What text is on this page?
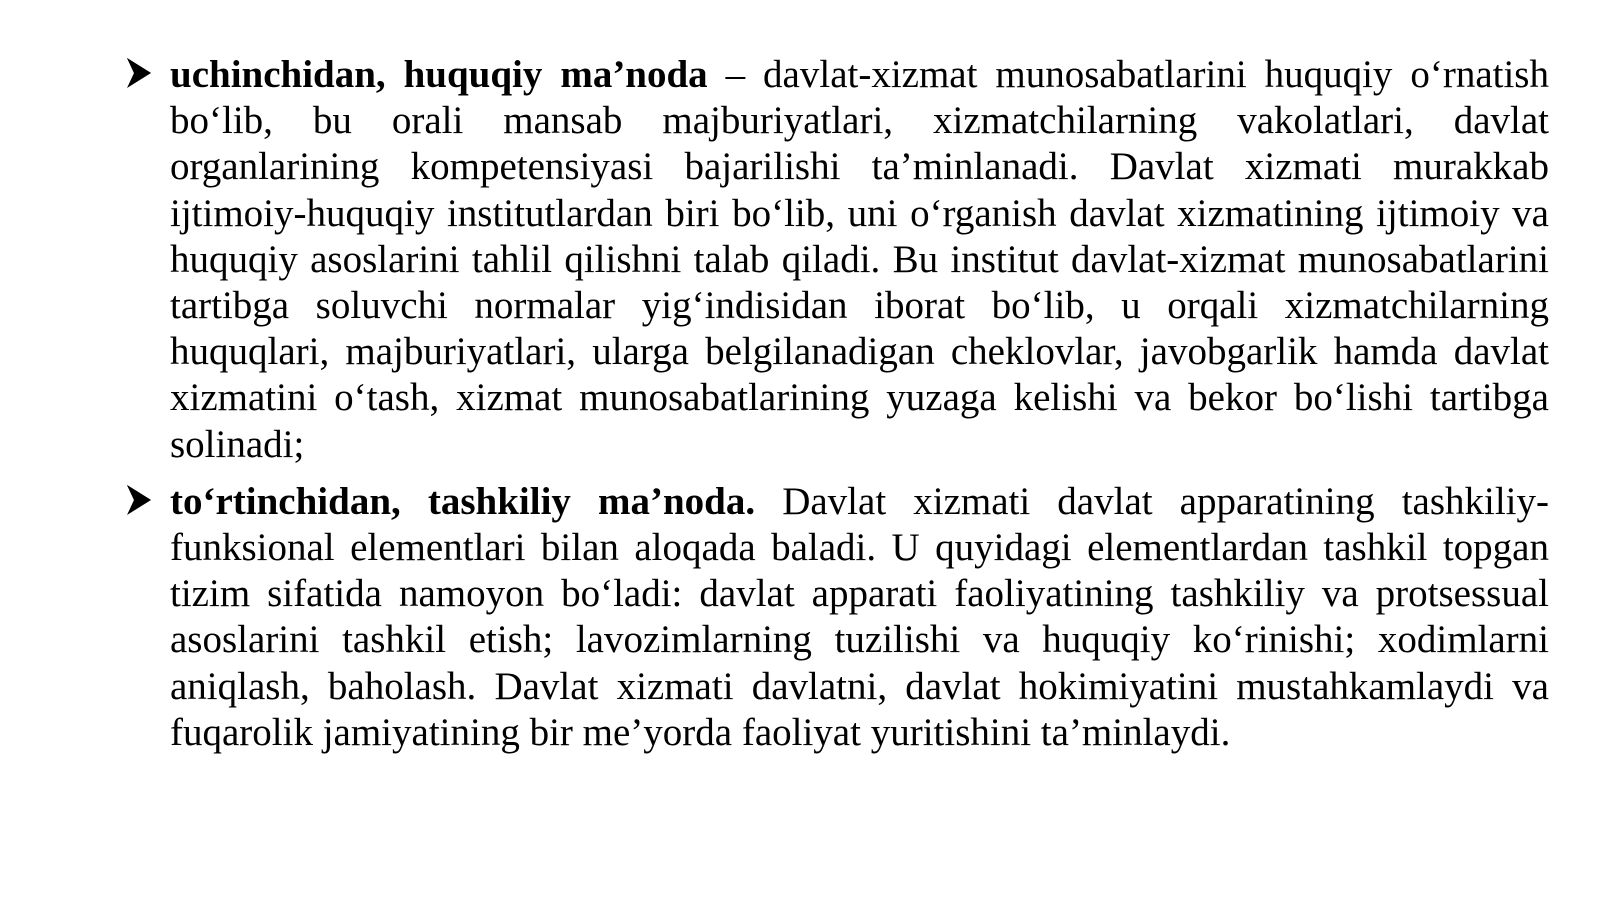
uchinchidan, huquqiy ma’noda – davlat-xizmat munosabatlarini huquqiy o‘rnatish bo‘lib, bu orali mansab majburiyatlari, xizmatchilarning vakolatlari, davlat organlarining kompetensiyasi bajarilishi ta’minlanadi. Davlat xizmati murakkab ijtimoiy-huquqiy institutlardan biri bo‘lib, uni o‘rganish davlat xizmatining ijtimoiy va huquqiy asoslarini tahlil qilishni talab qiladi. Bu institut davlat-xizmat munosabatlarini tartibga soluvchi normalar yig‘indisidan iborat bo‘lib, u orqali xizmatchilarning huquqlari, majburiyatlari, ularga belgilanadigan cheklovlar, javobgarlik hamda davlat xizmatini o‘tash, xizmat munosabatlarining yuzaga kelishi va bekor bo‘lishi tartibga solinadi;
to‘rtinchidan, tashkiliy ma’noda. Davlat xizmati davlat apparatining tashkiliy-funksional elementlari bilan aloqada baladi. U quyidagi elementlardan tashkil topgan tizim sifatida namoyon bo‘ladi: davlat apparati faoliyatining tashkiliy va protsessual asoslarini tashkil etish; lavozimlarning tuzilishi va huquqiy ko‘rinishi; xodimlarni aniqlash, baholash. Davlat xizmati davlatni, davlat hokimiyatini mustahkamlaydi va fuqarolik jamiyatining bir me’yorda faoliyat yuritishini ta’minlaydi.
